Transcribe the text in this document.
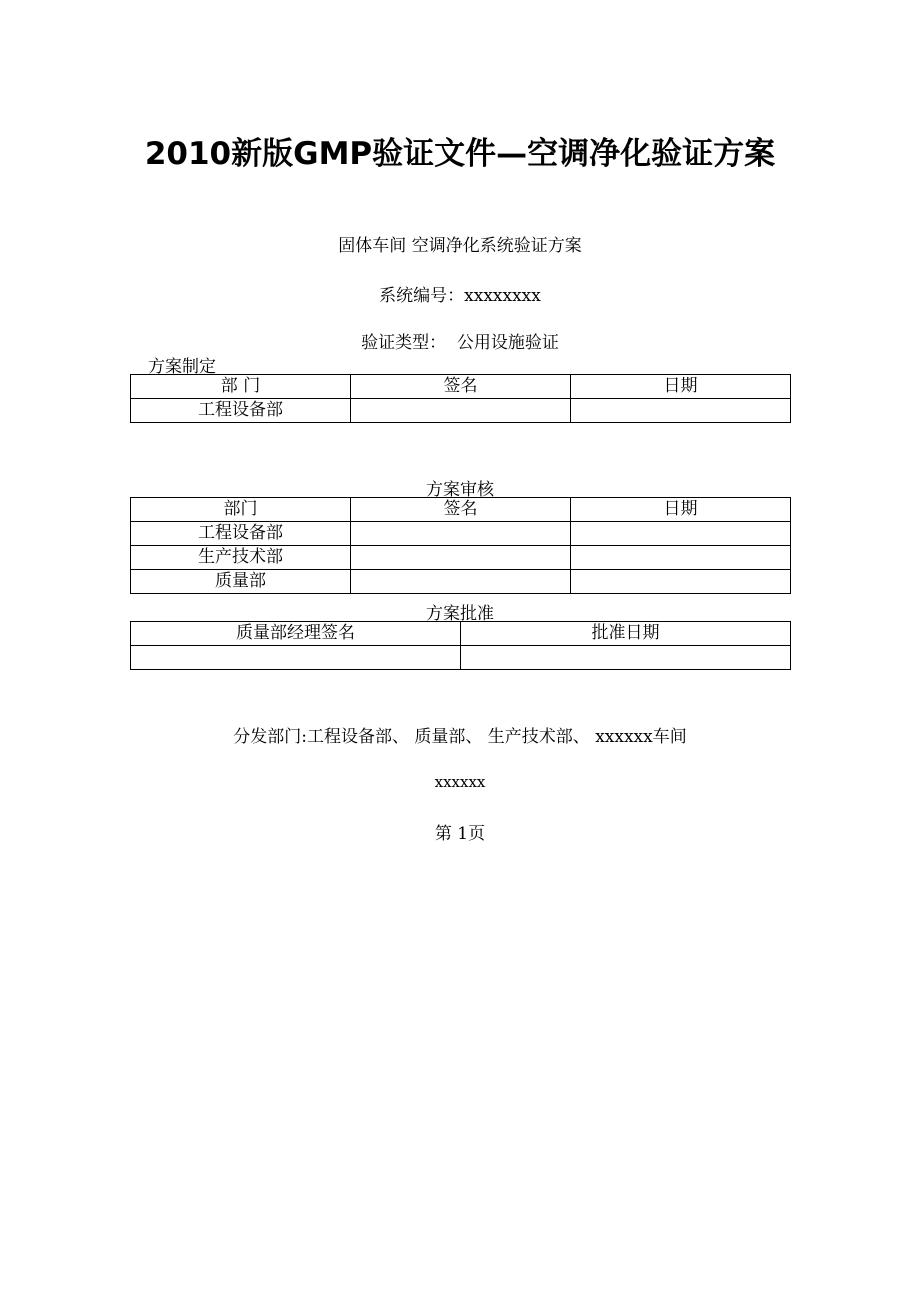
2010新版GMP验证文件—空调净化验证方案
固体车间 空调净化系统验证方案
系统编号：xxxxxxxx
验证类型： 公用设施验证
方案制定
部 门	签名	日期
工程设备部		
方案审核
部门	签名	日期
工程设备部		
生产技术部		
质量部		
方案批准
质量部经理签名	批准日期

分发部门:工程设备部、 质量部、 生产技术部、 xxxxxx车间
xxxxxx
第 1页
